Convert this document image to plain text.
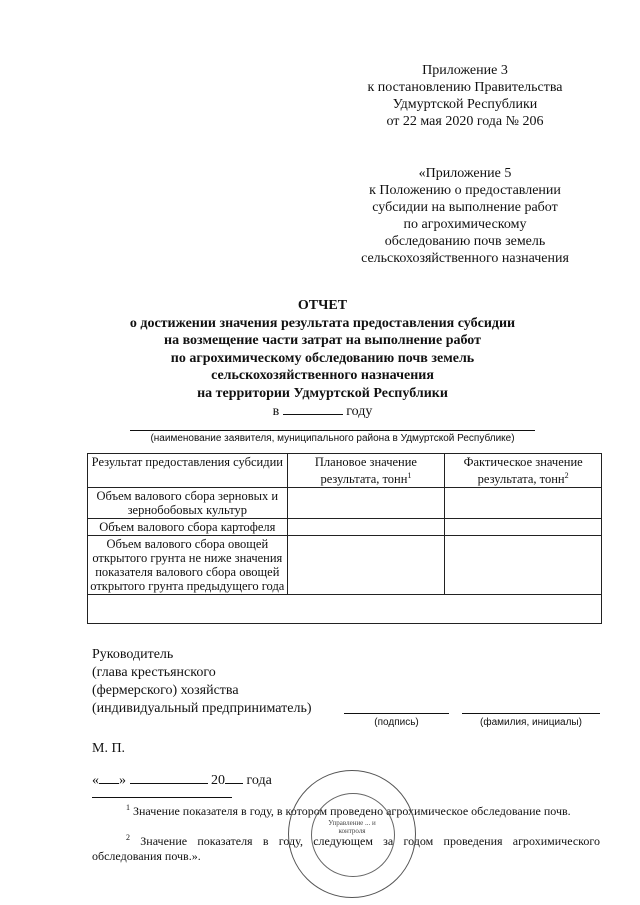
Приложение 3
к постановлению Правительства
Удмуртской Республики
от 22 мая 2020 года № 206
«Приложение 5
к Положению о предоставлении
субсидии на выполнение работ
по агрохимическому
обследованию почв земель
сельскохозяйственного назначения
ОТЧЕТ
о достижении значения результата предоставления субсидии
на возмещение части затрат на выполнение работ
по агрохимическому обследованию почв земель
сельскохозяйственного назначения
на территории Удмуртской Республики
в	году
(наименование заявителя, муниципального района в Удмуртской Республике)
Результат предоставления субсидии	Плановое значение результата, тонн$^1$	Фактическое значение результата, тонн$^2$
Объем валового сбора зерновых и зернобобовых культур		
Объем валового сбора картофеля		
Объем валового сбора овощей открытого грунта не ниже значения показателя валового сбора овощей открытого грунта предыдущего года		

Руководитель
(глава крестьянского
(фермерского) хозяйства
(индивидуальный предприниматель)
(подпись)	(фамилия, инициалы)
М. П.
« »	20 года
$^1$ Значение показателя в году, в котором проведено агрохимическое обследование почв.
$^2$ Значение показателя в году, следующем за годом проведения агрохимического обследования почв.».
Управление ... и контроля
